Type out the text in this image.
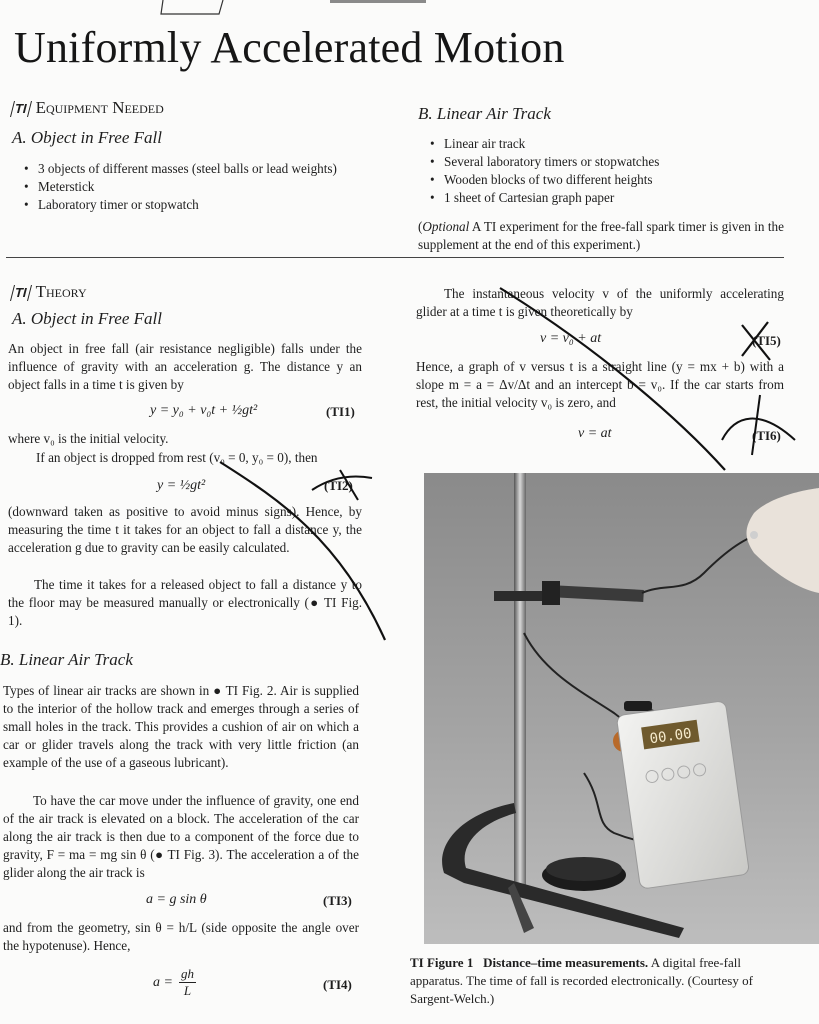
Uniformly Accelerated Motion
TI Equipment Needed
A. Object in Free Fall
• 3 objects of different masses (steel balls or lead weights)
• Meterstick
• Laboratory timer or stopwatch
B. Linear Air Track
• Linear air track
• Several laboratory timers or stopwatches
• Wooden blocks of two different heights
• 1 sheet of Cartesian graph paper
(Optional A TI experiment for the free-fall spark timer is given in the supplement at the end of this experiment.)
TI Theory
A. Object in Free Fall
An object in free fall (air resistance negligible) falls under the influence of gravity with an acceleration g. The distance y an object falls in a time t is given by
y = y₀ + v₀t + ½gt²	(TI1)
where v₀ is the initial velocity.
If an object is dropped from rest (v₀ = 0, y₀ = 0), then
y = ½gt²	(TI2)
(downward taken as positive to avoid minus signs). Hence, by measuring the time t it takes for an object to fall a distance y, the acceleration g due to gravity can be easily calculated.
The time it takes for a released object to fall a distance y to the floor may be measured manually or electronically (● TI Fig. 1).
B. Linear Air Track
Types of linear air tracks are shown in ● TI Fig. 2. Air is supplied to the interior of the hollow track and emerges through a series of small holes in the track. This provides a cushion of air on which a car or glider travels along the track with very little friction (an example of the use of a gaseous lubricant).
To have the car move under the influence of gravity, one end of the air track is elevated on a block. The acceleration of the car along the air track is then due to a component of the force due to gravity, F = ma = mg sin θ (● TI Fig. 3). The acceleration a of the glider along the air track is
a = g sin θ	(TI3)
and from the geometry, sin θ = h/L (side opposite the angle over the hypotenuse). Hence,
$a = \frac{gh}{L}$	(TI4)
The instantaneous velocity v of the uniformly accelerating glider at a time t is given theoretically by
v = v₀ + at	(TI5)
Hence, a graph of v versus t is a straight line (y = mx + b) with a slope m = a = Δv/Δt and an intercept b = v₀. If the car starts from rest, the initial velocity v₀ is zero, and
v = at	(TI6)
00.00
TI Figure 1 Distance–time measurements. A digital free-fall apparatus. The time of fall is recorded electronically. (Courtesy of Sargent-Welch.)
